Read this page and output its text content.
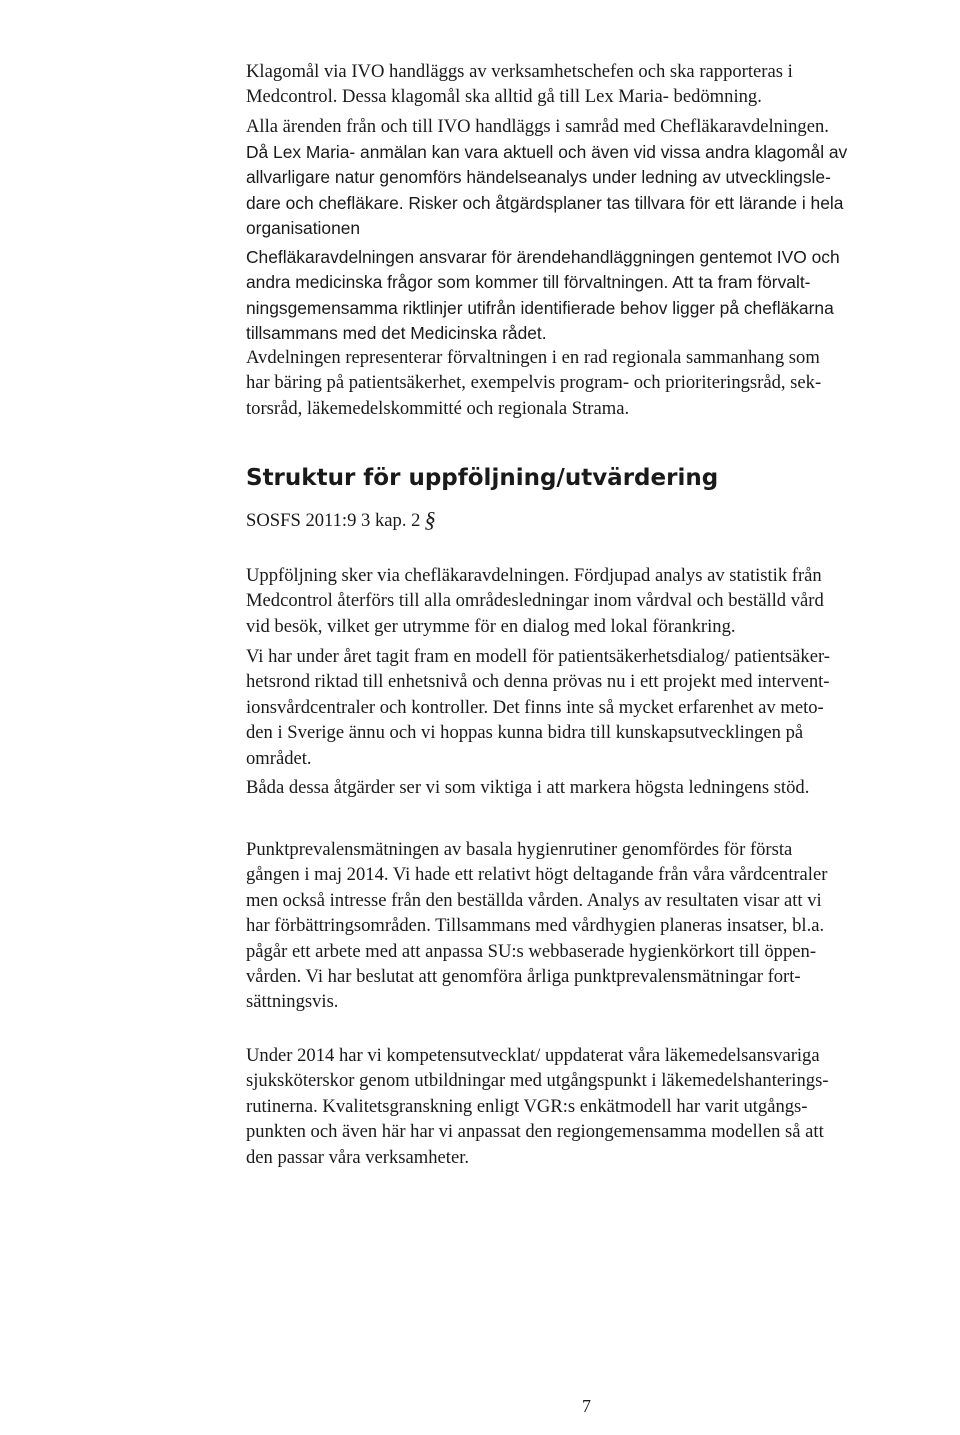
Klagomål via IVO handläggs av verksamhetschefen och ska rapporteras i
Medcontrol. Dessa klagomål ska alltid gå till Lex Maria- bedömning.

Alla ärenden från och till IVO handläggs i samråd med Chefläkaravdelningen.

Då Lex Maria- anmälan kan vara aktuell och även vid vissa andra klagomål av
allvarligare natur genomförs händelseanalys under ledning av utvecklingsle-
dare och chefläkare. Risker och åtgärdsplaner tas tillvara för ett lärande i hela
organisationen

Chefläkaravdelningen ansvarar för ärendehandläggningen gentemot IVO och
andra medicinska frågor som kommer till förvaltningen. Att ta fram förvalt-
ningsgemensamma riktlinjer utifrån identifierade behov ligger på chefläkarna
tillsammans med det Medicinska rådet.

Avdelningen representerar förvaltningen i en rad regionala sammanhang som
har bäring på patientsäkerhet, exempelvis program- och prioriteringsråd, sek-
torsråd, läkemedelskommitté och regionala Strama.

Struktur för uppföljning/utvärdering
SOSFS 2011:9 3 kap. 2 §

Uppföljning sker via chefläkaravdelningen. Fördjupad analys av statistik från
Medcontrol återförs till alla områdesledningar inom vårdval och beställd vård
vid besök, vilket ger utrymme för en dialog med lokal förankring.

Vi har under året tagit fram en modell för patientsäkerhetsdialog/ patientsäker-
hetsrond riktad till enhetsnivå och denna prövas nu i ett projekt med intervent-
ionsvårdcentraler och kontroller. Det finns inte så mycket erfarenhet av meto-
den i Sverige ännu och vi hoppas kunna bidra till kunskapsutvecklingen på
området.

Båda dessa åtgärder ser vi som viktiga i att markera högsta ledningens stöd.

Punktprevalensmätningen av basala hygienrutiner genomfördes för första
gången i maj 2014. Vi hade ett relativt högt deltagande från våra vårdcentraler
men också intresse från den beställda vården. Analys av resultaten visar att vi
har förbättringsområden. Tillsammans med vårdhygien planeras insatser, bl.a.
pågår ett arbete med att anpassa SU:s webbaserade hygienkörkort till öppen-
vården. Vi har beslutat att genomföra årliga punktprevalensmätningar fort-
sättningsvis.

Under 2014 har vi kompetensutvecklat/ uppdaterat våra läkemedelsansvariga
sjuksköterskor genom utbildningar med utgångspunkt i läkemedelshanterings-
rutinerna. Kvalitetsgranskning enligt VGR:s enkätmodell har varit utgångs-
punkten och även här har vi anpassat den regiongemensamma modellen så att
den passar våra verksamheter.

7
